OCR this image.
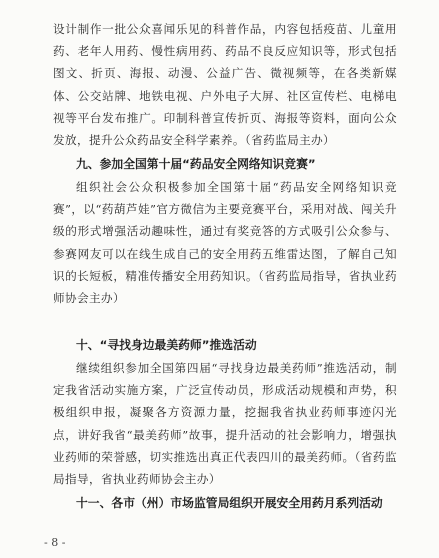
设计制作一批公众喜闻乐见的科普作品，内容包括疫苗、儿童用药、老年人用药、慢性病用药、药品不良反应知识等，形式包括图文、折页、海报、动漫、公益广告、微视频等，在各类新媒体、公交站牌、地铁电视、户外电子大屏、社区宣传栏、电梯电视等平台发布推广。印制科普宣传折页、海报等资料，面向公众发放，提升公众药品安全科学素养。（省药监局主办）

九、参加全国第十届“药品安全网络知识竞赛”

组织社会公众积极参加全国第十届“药品安全网络知识竞赛”，以“药葫芦娃”官方微信为主要竞赛平台，采用对战、闯关升级的形式增强活动趣味性，通过有奖竞答的方式吸引公众参与、参赛网友可以在线生成自己的安全用药五维雷达图，了解自己知识的长短板，精准传播安全用药知识。（省药监局指导，省执业药师协会主办）

十、“寻找身边最美药师”推选活动

继续组织参加全国第四届“寻找身边最美药师”推选活动，制定我省活动实施方案，广泛宣传动员，形成活动规模和声势，积极组织申报，凝聚各方资源力量，挖掘我省执业药师事迹闪光点，讲好我省“最美药师”故事，提升活动的社会影响力，增强执业药师的荣誉感，切实推选出真正代表四川的最美药师。（省药监局指导，省执业药师协会主办）

十一、各市（州）市场监管局组织开展安全用药月系列活动
- 8 -
